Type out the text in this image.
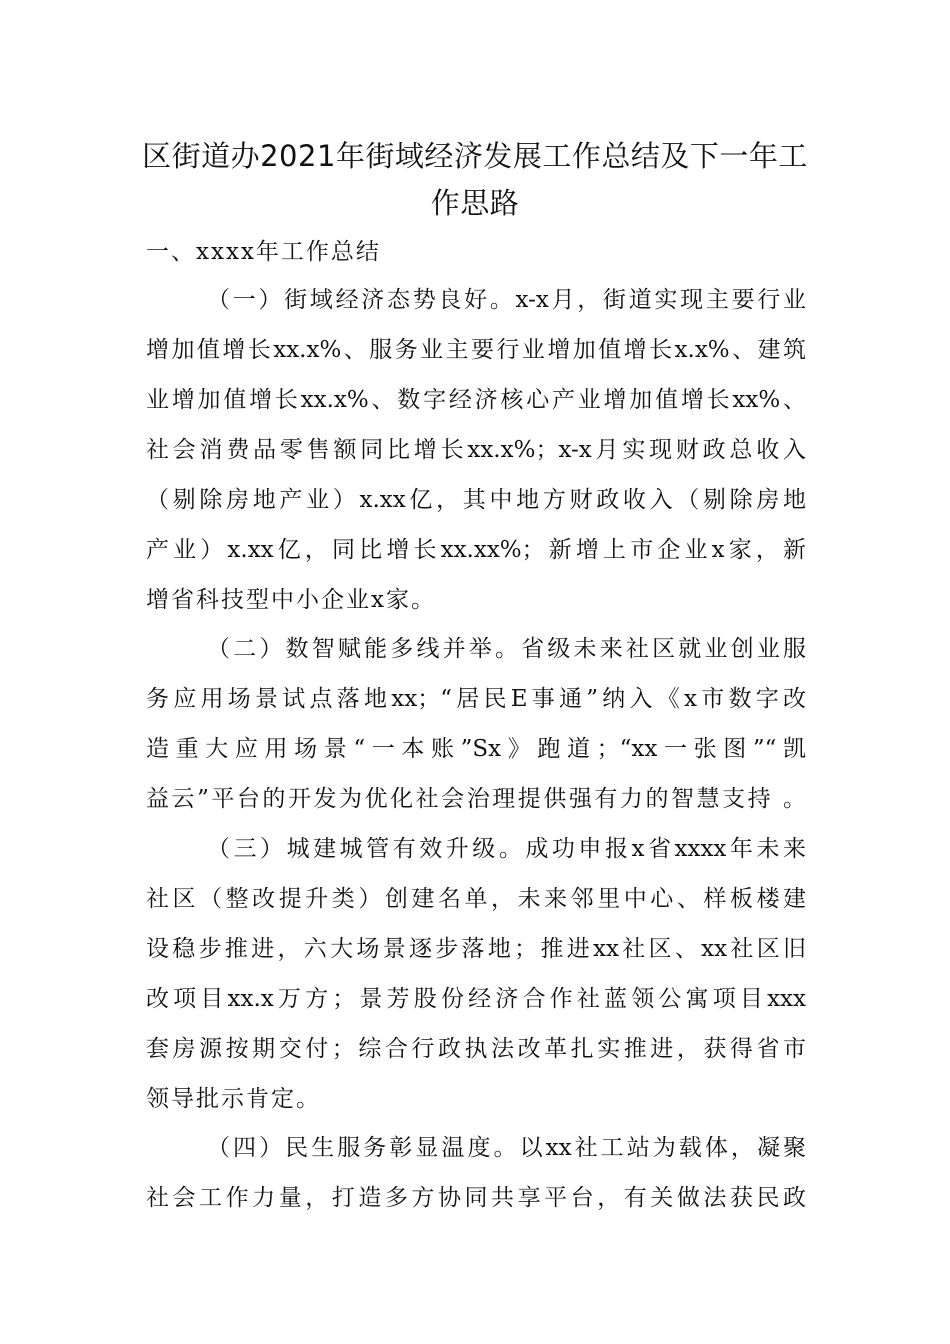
区街道办2021年街域经济发展工作总结及下一年工
作思路
一、xxxx年工作总结
（一）街域经济态势良好。x-x月，街道实现主要行业
增加值增长xx.x%、服务业主要行业增加值增长x.x%、建筑
业增加值增长xx.x%、数字经济核心产业增加值增长xx%、
社会消费品零售额同比增长xx.x%；x-x月实现财政总收入
（剔除房地产业）x.xx亿，其中地方财政收入（剔除房地
产业）x.xx亿，同比增长xx.xx%；新增上市企业x家，新
增省科技型中小企业x家。
（二）数智赋能多线并举。省级未来社区就业创业服
务应用场景试点落地xx；“居民E事通”纳入《x市数字改
造重大应用场景“一本账”Sx》跑道；“xx一张图”“凯
益云”平台的开发为优化社会治理提供强有力的智慧支持 。
（三）城建城管有效升级。成功申报x省xxxx年未来
社区（整改提升类）创建名单，未来邻里中心、样板楼建
设稳步推进，六大场景逐步落地；推进xx社区、xx社区旧
改项目xx.x万方；景芳股份经济合作社蓝领公寓项目xxx
套房源按期交付；综合行政执法改革扎实推进，获得省市
领导批示肯定。
（四）民生服务彰显温度。以xx社工站为载体，凝聚
社会工作力量，打造多方协同共享平台，有关做法获民政
